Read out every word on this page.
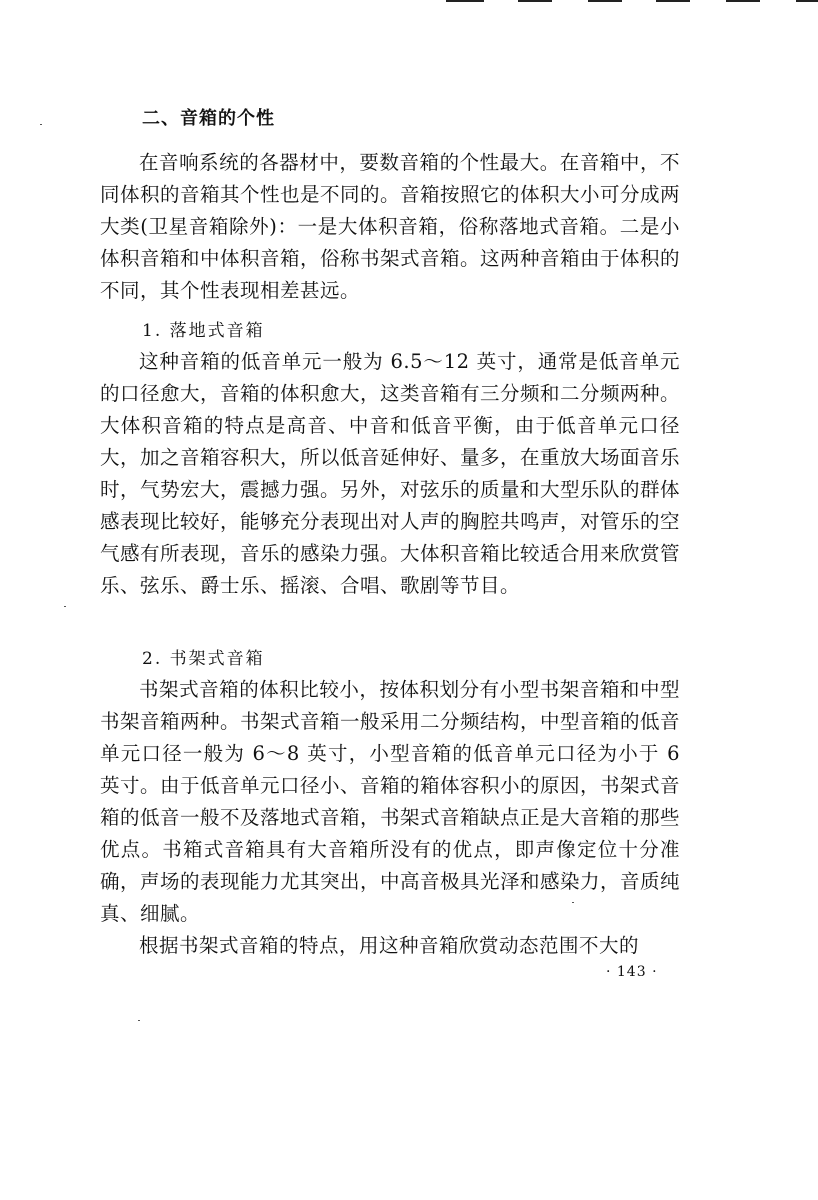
二、音箱的个性

在音响系统的各器材中，要数音箱的个性最大。在音箱中，不同体积的音箱其个性也是不同的。音箱按照它的体积大小可分成两大类(卫星音箱除外)：一是大体积音箱，俗称落地式音箱。二是小体积音箱和中体积音箱，俗称书架式音箱。这两种音箱由于体积的不同，其个性表现相差甚远。

1. 落地式音箱

这种音箱的低音单元一般为 6.5～12 英寸，通常是低音单元的口径愈大，音箱的体积愈大，这类音箱有三分频和二分频两种。大体积音箱的特点是高音、中音和低音平衡，由于低音单元口径大，加之音箱容积大，所以低音延伸好、量多，在重放大场面音乐时，气势宏大，震撼力强。另外，对弦乐的质量和大型乐队的群体感表现比较好，能够充分表现出对人声的胸腔共鸣声，对管乐的空气感有所表现，音乐的感染力强。大体积音箱比较适合用来欣赏管乐、弦乐、爵士乐、摇滚、合唱、歌剧等节目。

2. 书架式音箱

书架式音箱的体积比较小，按体积划分有小型书架音箱和中型书架音箱两种。书架式音箱一般采用二分频结构，中型音箱的低音单元口径一般为 6～8 英寸，小型音箱的低音单元口径为小于 6 英寸。由于低音单元口径小、音箱的箱体容积小的原因，书架式音箱的低音一般不及落地式音箱，书架式音箱缺点正是大音箱的那些优点。书箱式音箱具有大音箱所没有的优点，即声像定位十分准确，声场的表现能力尤其突出，中高音极具光泽和感染力，音质纯真、细腻。

根据书架式音箱的特点，用这种音箱欣赏动态范围不大的

· 143 ·
